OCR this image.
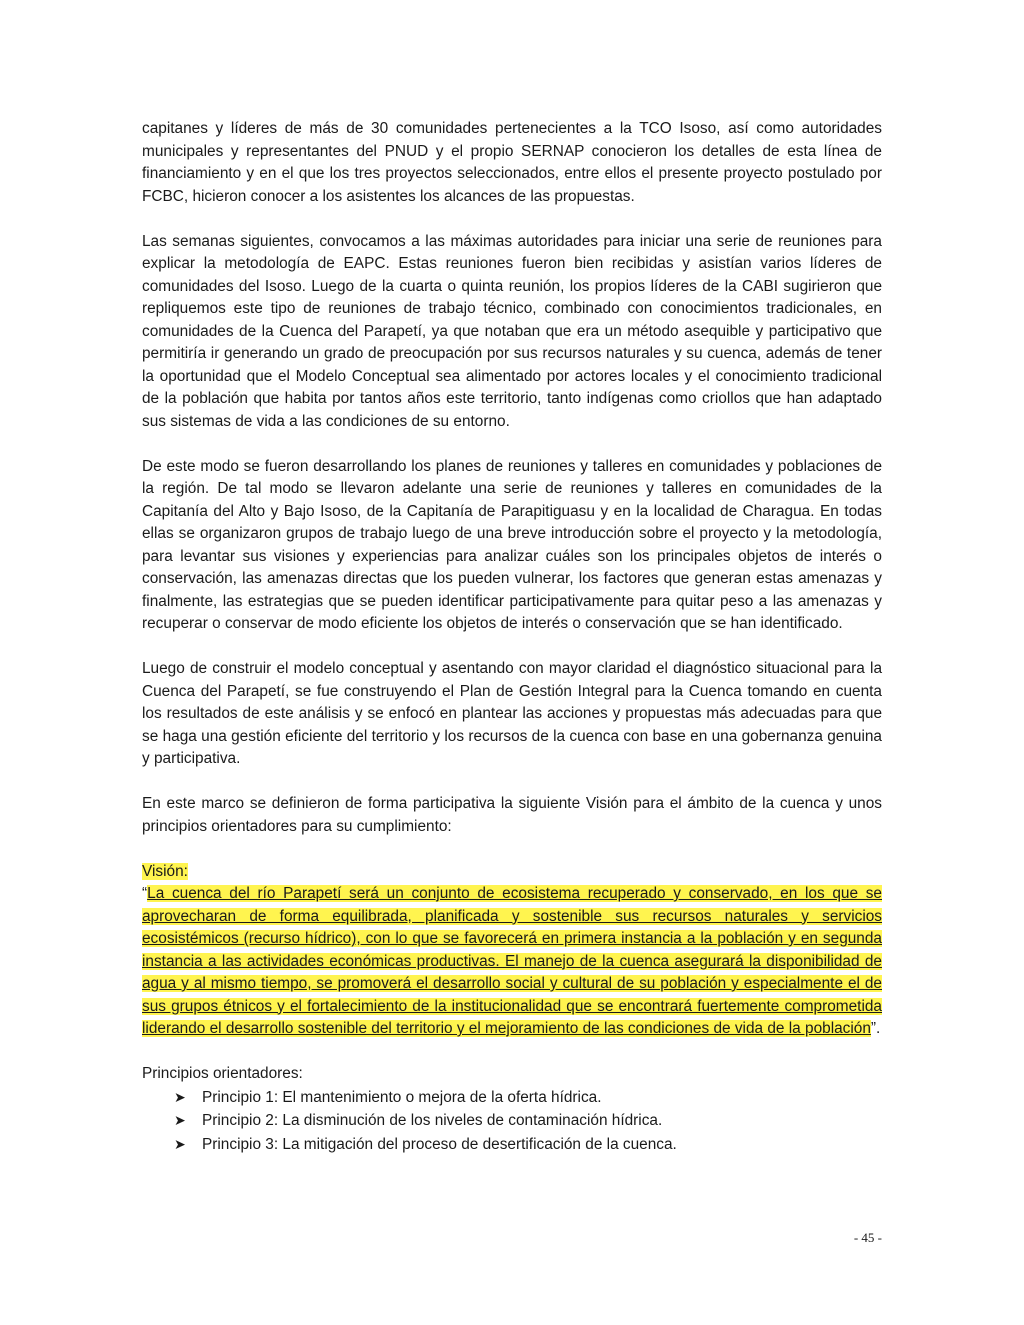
capitanes y líderes de más de 30 comunidades pertenecientes a la TCO Isoso, así como autoridades municipales y representantes del PNUD y el propio SERNAP conocieron los detalles de esta línea de financiamiento y en el que los tres proyectos seleccionados, entre ellos el presente proyecto postulado por FCBC, hicieron conocer a los asistentes los alcances de las propuestas.

Las semanas siguientes, convocamos a las máximas autoridades para iniciar una serie de reuniones para explicar la metodología de EAPC. Estas reuniones fueron bien recibidas y asistían varios líderes de comunidades del Isoso. Luego de la cuarta o quinta reunión, los propios líderes de la CABI sugirieron que repliquemos este tipo de reuniones de trabajo técnico, combinado con conocimientos tradicionales, en comunidades de la Cuenca del Parapetí, ya que notaban que era un método asequible y participativo que permitiría ir generando un grado de preocupación por sus recursos naturales y su cuenca, además de tener la oportunidad que el Modelo Conceptual sea alimentado por actores locales y el conocimiento tradicional de la población que habita por tantos años este territorio, tanto indígenas como criollos que han adaptado sus sistemas de vida a las condiciones de su entorno.

De este modo se fueron desarrollando los planes de reuniones y talleres en comunidades y poblaciones de la región. De tal modo se llevaron adelante una serie de reuniones y talleres en comunidades de la Capitanía del Alto y Bajo Isoso, de la Capitanía de Parapitiguasu y en la localidad de Charagua. En todas ellas se organizaron grupos de trabajo luego de una breve introducción sobre el proyecto y la metodología, para levantar sus visiones y experiencias para analizar cuáles son los principales objetos de interés o conservación, las amenazas directas que los pueden vulnerar, los factores que generan estas amenazas y finalmente, las estrategias que se pueden identificar participativamente para quitar peso a las amenazas y recuperar o conservar de modo eficiente los objetos de interés o conservación que se han identificado.

Luego de construir el modelo conceptual y asentando con mayor claridad el diagnóstico situacional para la Cuenca del Parapetí, se fue construyendo el Plan de Gestión Integral para la Cuenca tomando en cuenta los resultados de este análisis y se enfocó en plantear las acciones y propuestas más adecuadas para que se haga una gestión eficiente del territorio y los recursos de la cuenca con base en una gobernanza genuina y participativa.

En este marco se definieron de forma participativa la siguiente Visión para el ámbito de la cuenca y unos principios orientadores para su cumplimiento:

Visión:

“La cuenca del río Parapetí será un conjunto de ecosistema recuperado y conservado, en los que se aprovecharan de forma equilibrada, planificada y sostenible sus recursos naturales y servicios ecosistémicos (recurso hídrico), con lo que se favorecerá en primera instancia a la población y en segunda instancia a las actividades económicas productivas. El manejo de la cuenca asegurará la disponibilidad de agua y al mismo tiempo, se promoverá el desarrollo social y cultural de su población y especialmente el de sus grupos étnicos y el fortalecimiento de la institucionalidad que se encontrará fuertemente comprometida liderando el desarrollo sostenible del territorio y el mejoramiento de las condiciones de vida de la población”.

Principios orientadores:

➤	Principio 1: El mantenimiento o mejora de la oferta hídrica.
➤	Principio 2: La disminución de los niveles de contaminación hídrica.
➤	Principio 3: La mitigación del proceso de desertificación de la cuenca.
- 45 -
